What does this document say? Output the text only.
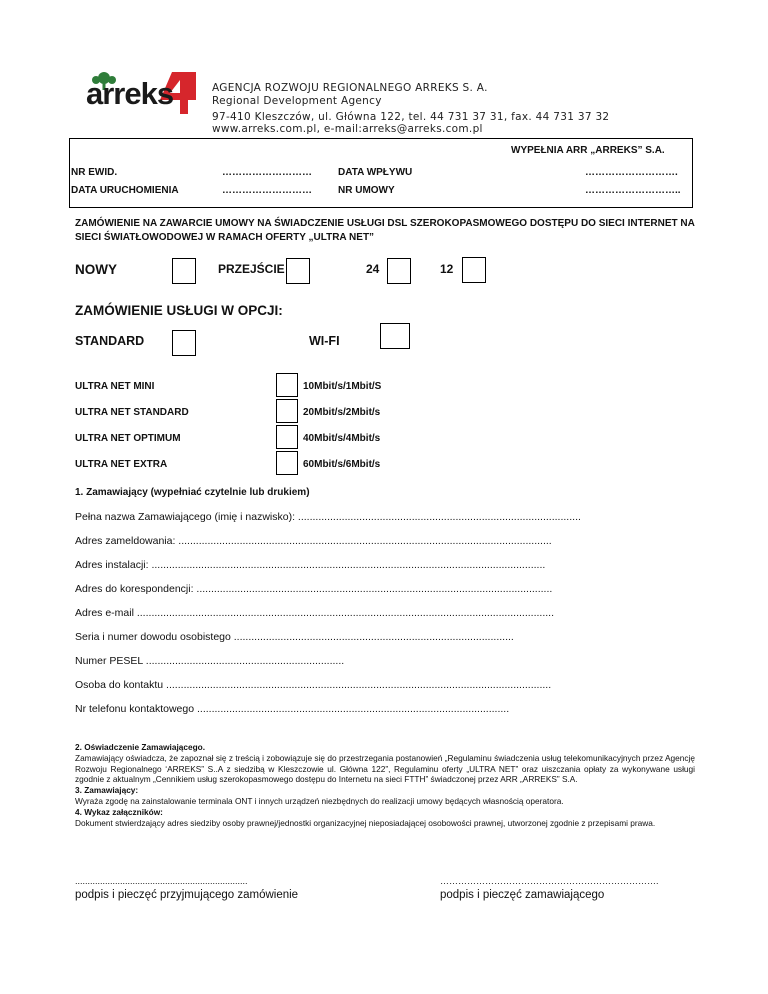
arreks	AGENCJA ROZWOJU REGIONALNEGO ARREKS S. A.
Regional Development Agency
97-410 Kleszczów, ul. Główna 122, tel. 44 731 37 31, fax. 44 731 37 32
www.arreks.com.pl, e-mail:arreks@arreks.com.pl
WYPEŁNIA ARR „ARREKS” S.A.
NR EWID.	………………………	DATA WPŁYWU	……………………….
DATA URUCHOMIENIA	………………………	NR UMOWY	………………………..
ZAMÓWIENIE NA ZAWARCIE UMOWY NA ŚWIADCZENIE USŁUGI DSL SZEROKOPASMOWEGO DOSTĘPU DO SIECI INTERNET NA SIECI ŚWIATŁOWODOWEJ W RAMACH OFERTY „ULTRA NET”
NOWY	PRZEJŚCIE	24	12
ZAMÓWIENIE USŁUGI W OPCJI:
STANDARD	WI-FI
ULTRA NET MINI	10Mbit/s/1Mbit/S
ULTRA NET STANDARD	20Mbit/s/2Mbit/s
ULTRA NET OPTIMUM	40Mbit/s/4Mbit/s
ULTRA NET EXTRA	60Mbit/s/6Mbit/s
1. Zamawiający (wypełniać czytelnie lub drukiem)
Pełna nazwa Zamawiającego (imię i nazwisko): .................................................................................................
Adres zameldowania: ................................................................................................................................
Adres instalacji: .......................................................................................................................................
Adres do korespondencji: ..........................................................................................................................
Adres e-mail ...............................................................................................................................................
Seria i numer dowodu osobistego ................................................................................................
Numer PESEL ....................................................................
Osoba do kontaktu ....................................................................................................................................
Nr telefonu kontaktowego ...........................................................................................................
2. Oświadczenie Zamawiającego.
Zamawiający oświadcza, że zapoznał się z treścią i zobowiązuje się do przestrzegania postanowień „Regulaminu świadczenia usług telekomunikacyjnych przez Agencję Rozwoju Regionalnego ‘ARREKS” S..A z siedzibą w Kleszczowie ul. Główna 122”, Regulaminu oferty „ULTRA NET” oraz uiszczania opłaty za wykonywane usługi zgodnie z aktualnym „Cennikiem usług szerokopasmowego dostępu do Internetu na sieci FTTH” świadczonej przez ARR „ARREKS” S.A.
3. Zamawiający:
Wyraża zgodę na zainstalowanie terminala ONT i innych urządzeń niezbędnych do realizacji umowy będących własnością operatora.
4. Wykaz załączników:
Dokument stwierdzający adres siedziby osoby prawnej/jednostki organizacyjnej nieposiadającej osobowości prawnej, utworzonej zgodnie z przepisami prawa.
.....................................................................
podpis i pieczęć przyjmującego zamówienie
……………………………………………………………….
podpis i pieczęć zamawiającego
